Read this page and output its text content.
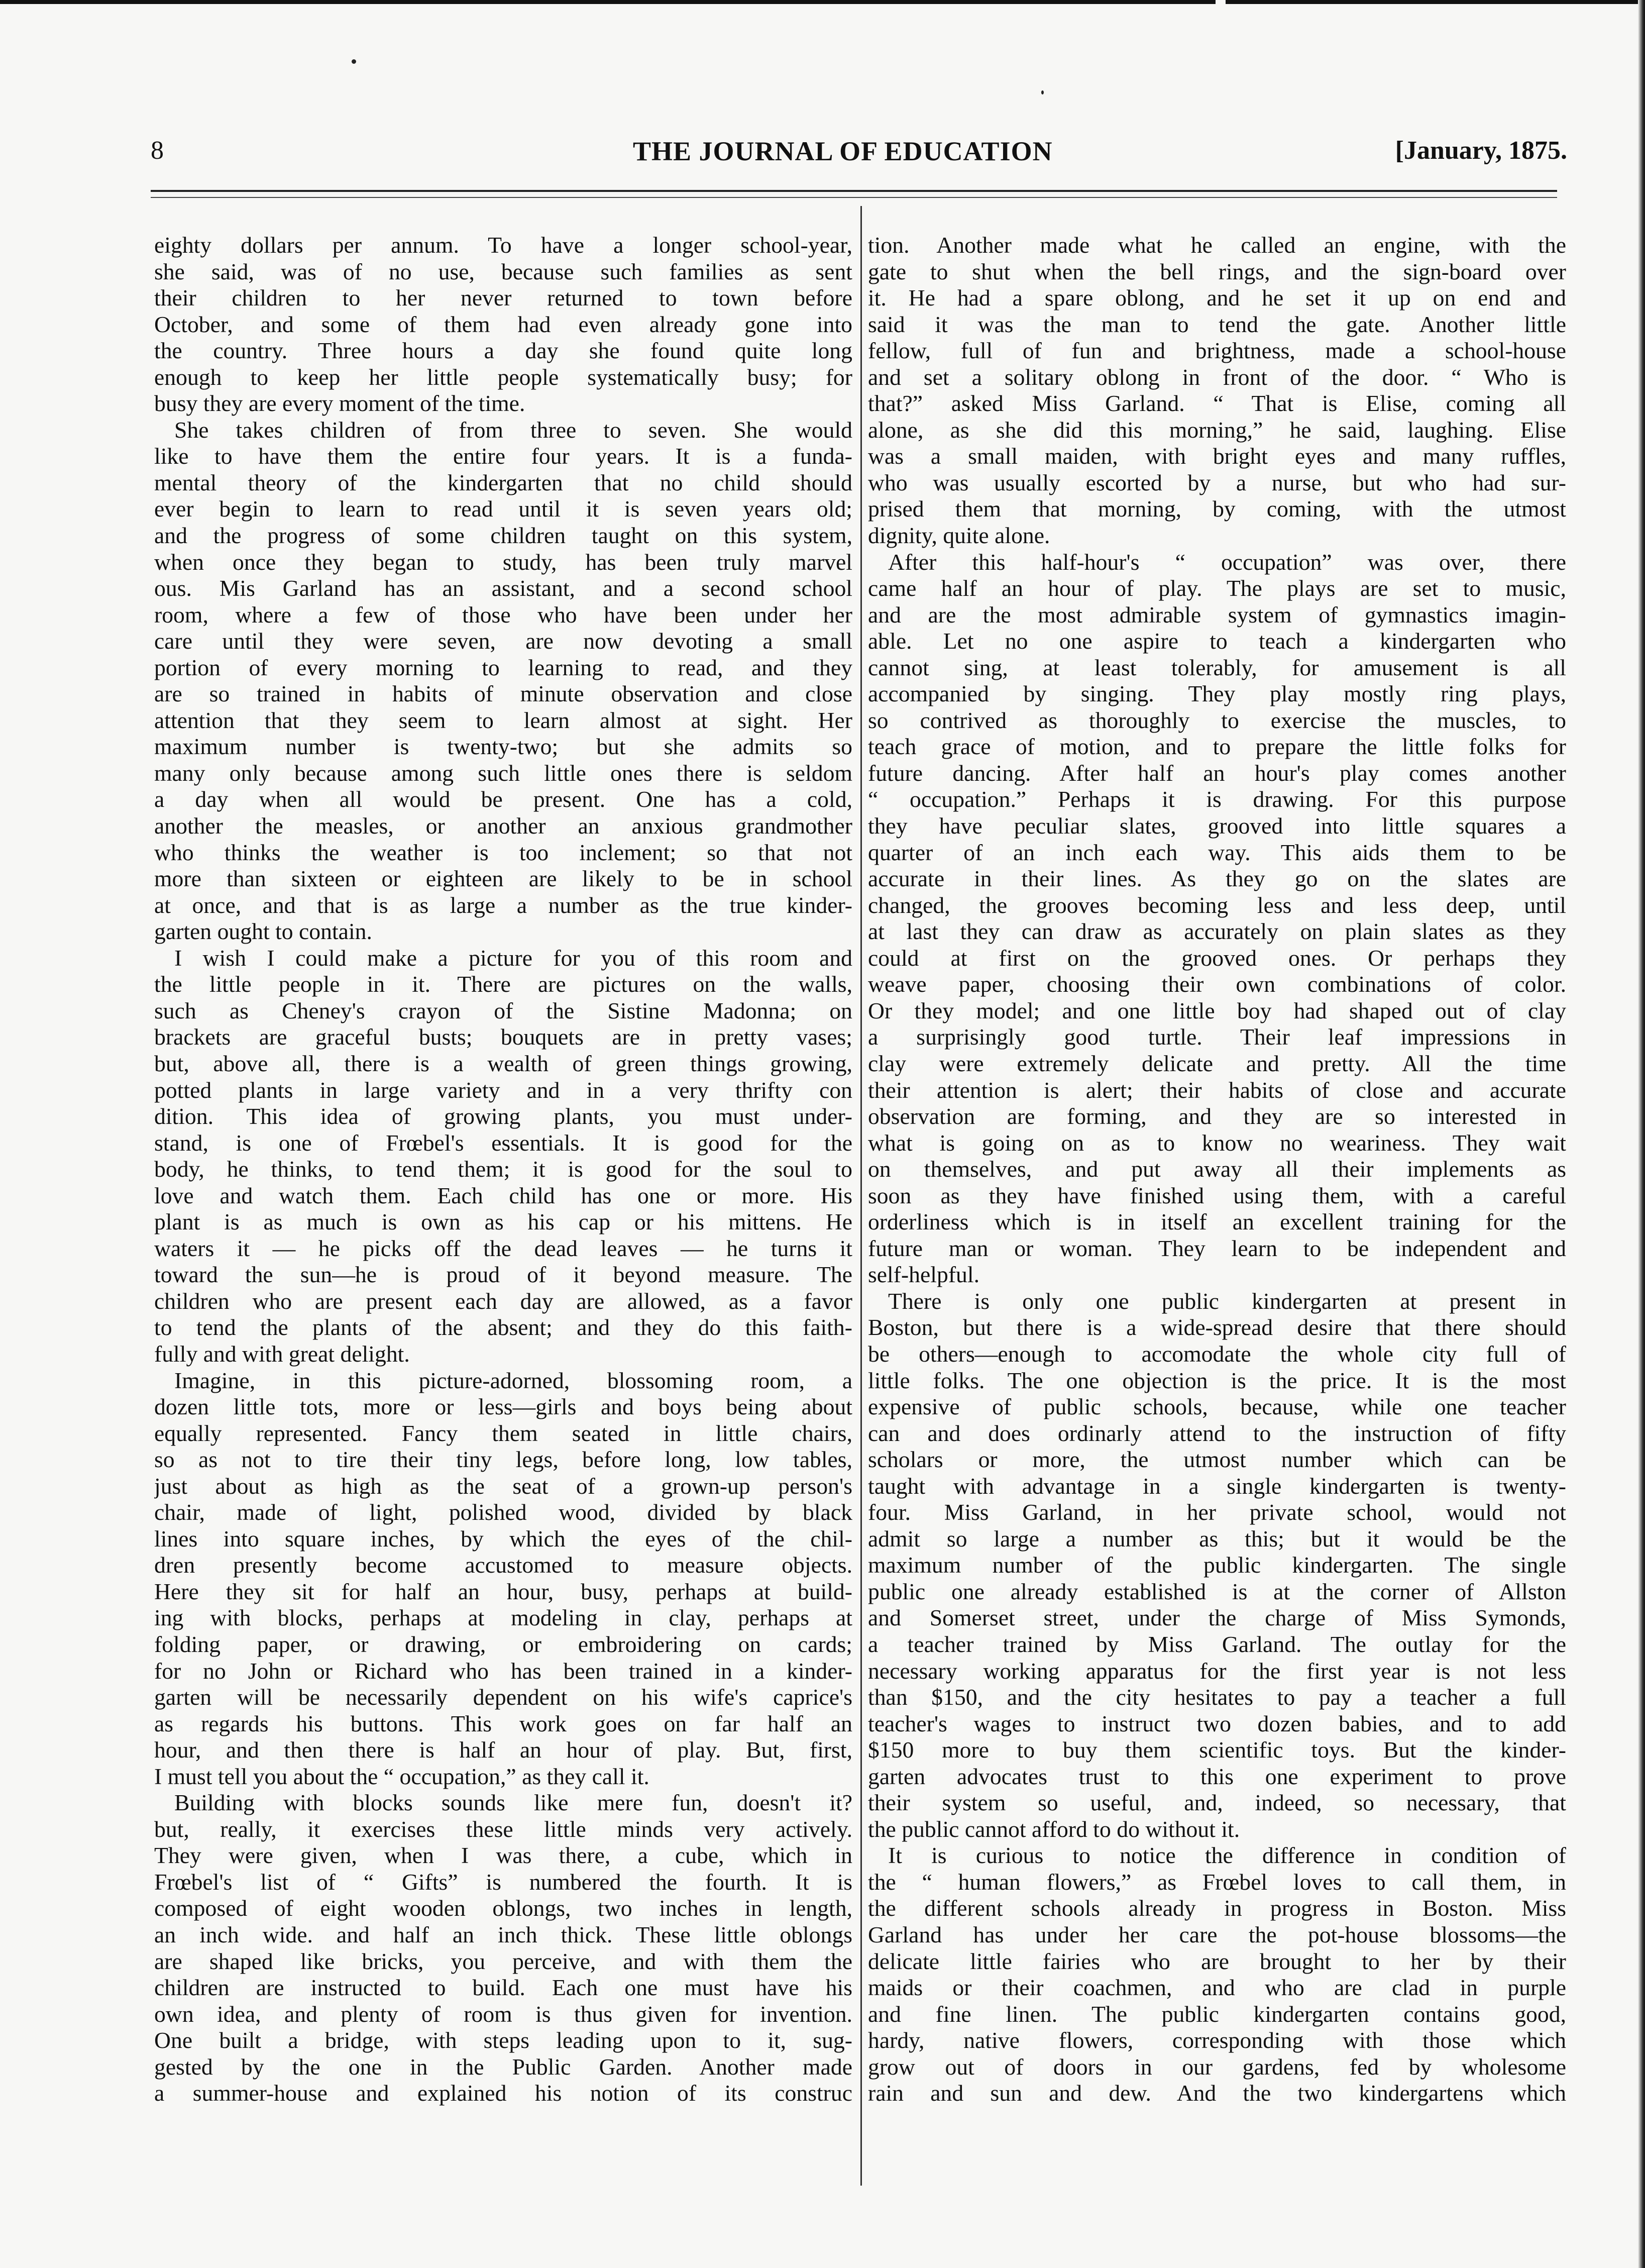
8	THE JOURNAL OF EDUCATION	[January, 1875.
eighty dollars per annum. To have a longer school-year,
she said, was of no use, because such families as sent
their children to her never returned to town before
October, and some of them had even already gone into
the country. Three hours a day she found quite long
enough to keep her little people systematically busy; for
busy they are every moment of the time.
She takes children of from three to seven. She would
like to have them the entire four years. It is a funda-
mental theory of the kindergarten that no child should
ever begin to learn to read until it is seven years old;
and the progress of some children taught on this system,
when once they began to study, has been truly marvel
ous. Mis Garland has an assistant, and a second school
room, where a few of those who have been under her
care until they were seven, are now devoting a small
portion of every morning to learning to read, and they
are so trained in habits of minute observation and close
attention that they seem to learn almost at sight. Her
maximum number is twenty-two; but she admits so
many only because among such little ones there is seldom
a day when all would be present. One has a cold,
another the measles, or another an anxious grandmother
who thinks the weather is too inclement; so that not
more than sixteen or eighteen are likely to be in school
at once, and that is as large a number as the true kinder-
garten ought to contain.
I wish I could make a picture for you of this room and
the little people in it. There are pictures on the walls,
such as Cheney's crayon of the Sistine Madonna; on
brackets are graceful busts; bouquets are in pretty vases;
but, above all, there is a wealth of green things growing,
potted plants in large variety and in a very thrifty con
dition. This idea of growing plants, you must under-
stand, is one of Frœbel's essentials. It is good for the
body, he thinks, to tend them; it is good for the soul to
love and watch them. Each child has one or more. His
plant is as much is own as his cap or his mittens. He
waters it — he picks off the dead leaves — he turns it
toward the sun—he is proud of it beyond measure. The
children who are present each day are allowed, as a favor
to tend the plants of the absent; and they do this faith-
fully and with great delight.
Imagine, in this picture-adorned, blossoming room, a
dozen little tots, more or less—girls and boys being about
equally represented. Fancy them seated in little chairs,
so as not to tire their tiny legs, before long, low tables,
just about as high as the seat of a grown-up person's
chair, made of light, polished wood, divided by black
lines into square inches, by which the eyes of the chil-
dren presently become accustomed to measure objects.
Here they sit for half an hour, busy, perhaps at build-
ing with blocks, perhaps at modeling in clay, perhaps at
folding paper, or drawing, or embroidering on cards;
for no John or Richard who has been trained in a kinder-
garten will be necessarily dependent on his wife's caprice's
as regards his buttons. This work goes on far half an
hour, and then there is half an hour of play. But, first,
I must tell you about the “ occupation,” as they call it.
Building with blocks sounds like mere fun, doesn't it?
but, really, it exercises these little minds very actively.
They were given, when I was there, a cube, which in
Frœbel's list of “ Gifts” is numbered the fourth. It is
composed of eight wooden oblongs, two inches in length,
an inch wide. and half an inch thick. These little oblongs
are shaped like bricks, you perceive, and with them the
children are instructed to build. Each one must have his
own idea, and plenty of room is thus given for invention.
One built a bridge, with steps leading upon to it, sug-
gested by the one in the Public Garden. Another made
a summer-house and explained his notion of its construc
tion. Another made what he called an engine, with the
gate to shut when the bell rings, and the sign-board over
it. He had a spare oblong, and he set it up on end and
said it was the man to tend the gate. Another little
fellow, full of fun and brightness, made a school-house
and set a solitary oblong in front of the door. “ Who is
that?” asked Miss Garland. “ That is Elise, coming all
alone, as she did this morning,” he said, laughing. Elise
was a small maiden, with bright eyes and many ruffles,
who was usually escorted by a nurse, but who had sur-
prised them that morning, by coming, with the utmost
dignity, quite alone.
After this half-hour's “ occupation” was over, there
came half an hour of play. The plays are set to music,
and are the most admirable system of gymnastics imagin-
able. Let no one aspire to teach a kindergarten who
cannot sing, at least tolerably, for amusement is all
accompanied by singing. They play mostly ring plays,
so contrived as thoroughly to exercise the muscles, to
teach grace of motion, and to prepare the little folks for
future dancing. After half an hour's play comes another
“ occupation.” Perhaps it is drawing. For this purpose
they have peculiar slates, grooved into little squares a
quarter of an inch each way. This aids them to be
accurate in their lines. As they go on the slates are
changed, the grooves becoming less and less deep, until
at last they can draw as accurately on plain slates as they
could at first on the grooved ones. Or perhaps they
weave paper, choosing their own combinations of color.
Or they model; and one little boy had shaped out of clay
a surprisingly good turtle. Their leaf impressions in
clay were extremely delicate and pretty. All the time
their attention is alert; their habits of close and accurate
observation are forming, and they are so interested in
what is going on as to know no weariness. They wait
on themselves, and put away all their implements as
soon as they have finished using them, with a careful
orderliness which is in itself an excellent training for the
future man or woman. They learn to be independent and
self-helpful.
There is only one public kindergarten at present in
Boston, but there is a wide-spread desire that there should
be others—enough to accomodate the whole city full of
little folks. The one objection is the price. It is the most
expensive of public schools, because, while one teacher
can and does ordinarly attend to the instruction of fifty
scholars or more, the utmost number which can be
taught with advantage in a single kindergarten is twenty-
four. Miss Garland, in her private school, would not
admit so large a number as this; but it would be the
maximum number of the public kindergarten. The single
public one already established is at the corner of Allston
and Somerset street, under the charge of Miss Symonds,
a teacher trained by Miss Garland. The outlay for the
necessary working apparatus for the first year is not less
than $150, and the city hesitates to pay a teacher a full
teacher's wages to instruct two dozen babies, and to add
$150 more to buy them scientific toys. But the kinder-
garten advocates trust to this one experiment to prove
their system so useful, and, indeed, so necessary, that
the public cannot afford to do without it.
It is curious to notice the difference in condition of
the “ human flowers,” as Frœbel loves to call them, in
the different schools already in progress in Boston. Miss
Garland has under her care the pot-house blossoms—the
delicate little fairies who are brought to her by their
maids or their coachmen, and who are clad in purple
and fine linen. The public kindergarten contains good,
hardy, native flowers, corresponding with those which
grow out of doors in our gardens, fed by wholesome
rain and sun and dew. And the two kindergartens which
